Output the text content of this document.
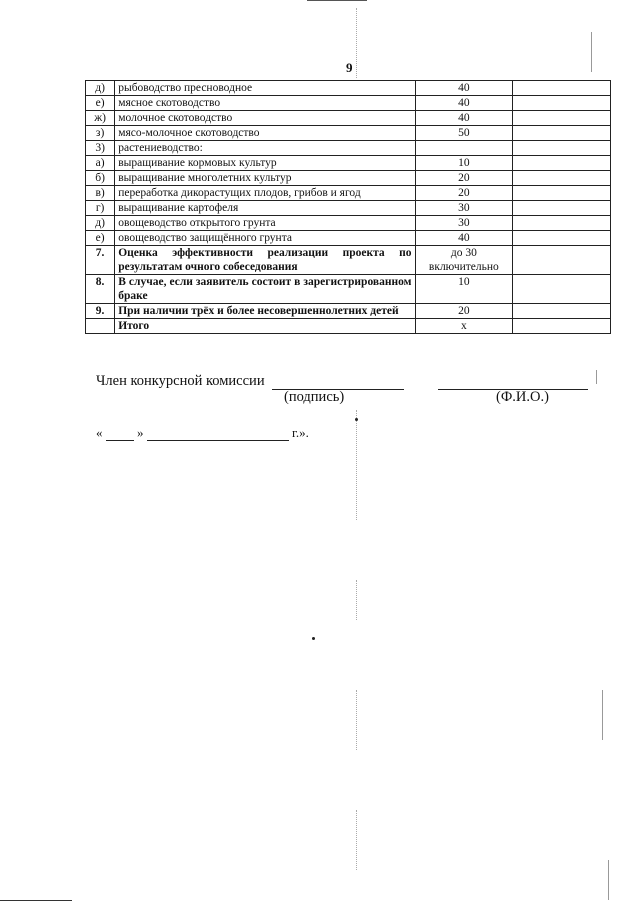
9
д)	рыбоводство пресноводное	40	
е)	мясное скотоводство	40	
ж)	молочное скотоводство	40	
з)	мясо-молочное скотоводство	50	
3)	растениеводство:		
а)	выращивание кормовых культур	10	
б)	выращивание многолетних культур	20	
в)	переработка дикорастущих плодов, грибов и ягод	20	
г)	выращивание картофеля	30	
д)	овощеводство открытого грунта	30	
е)	овощеводство защищённого грунта	40	
7.	Оценка эффективности реализации проекта по результатам очного собеседования	до 30 включительно	
8.	В случае, если заявитель состоит в зарегистрированном браке	10	
9.	При наличии трёх и более несовершеннолетних детей	20	
	Итого	х	
Член конкурсной комиссии
(подпись)	(Ф.И.О.)
«	»	г.».
